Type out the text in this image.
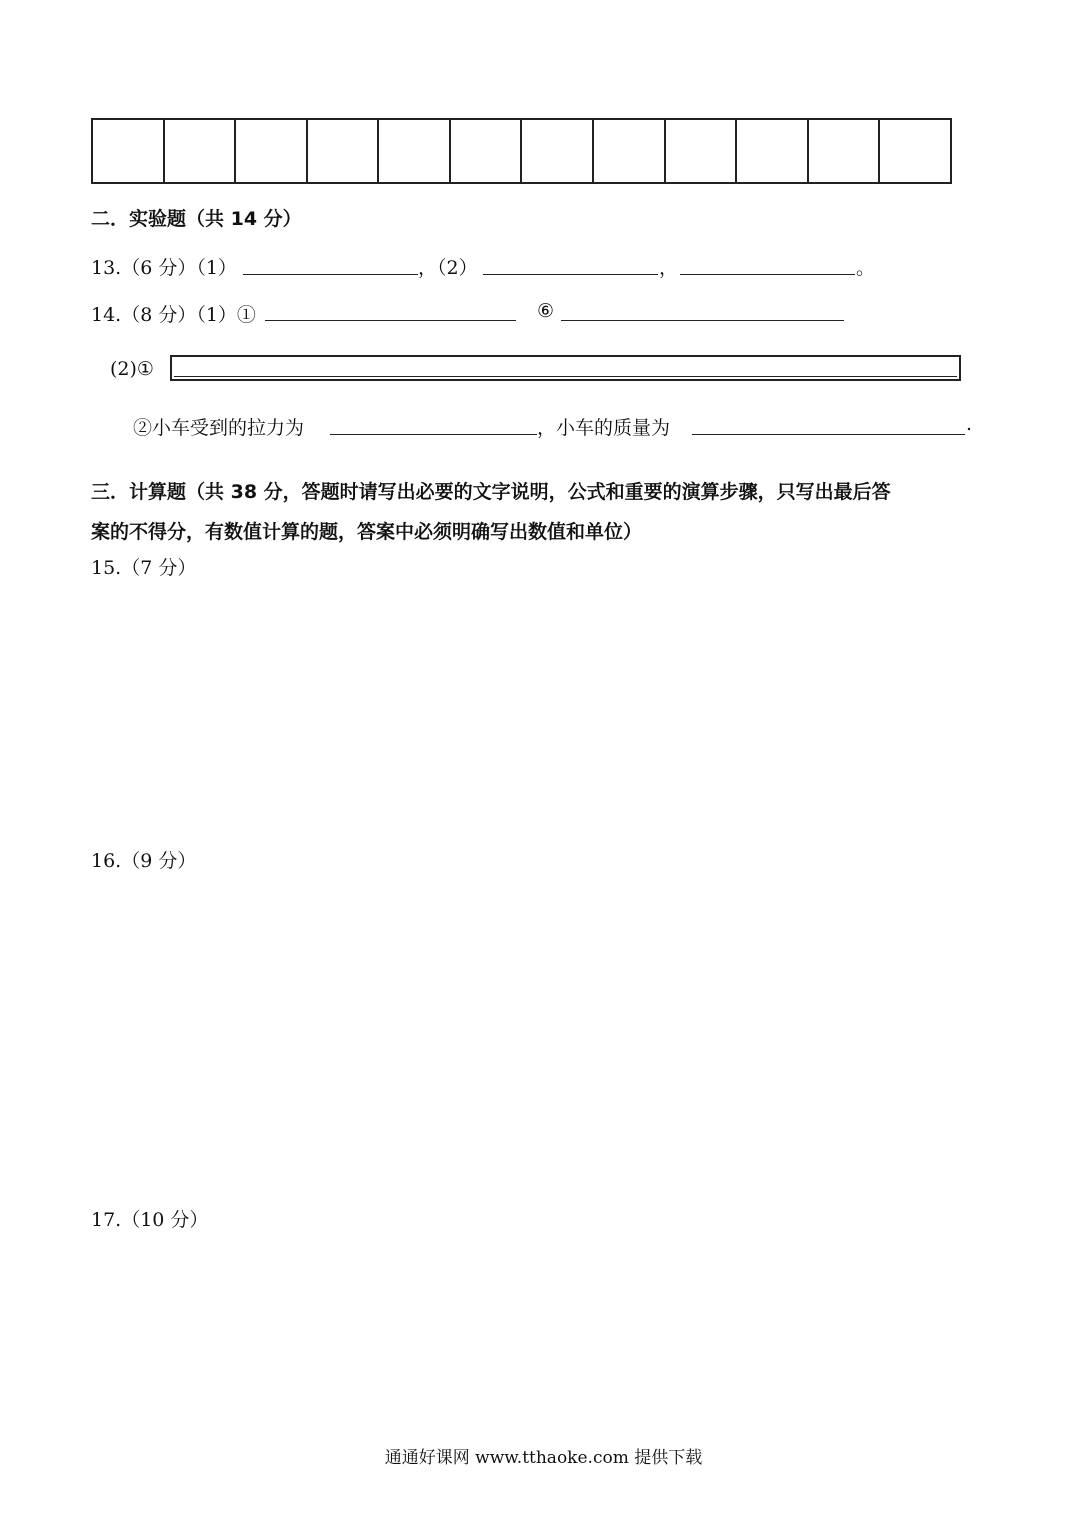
二．实验题（共 14 分）
13.（6 分）（1）	，（2）	，	。
14.（8 分）（1）①	⑥
(2)①
②小车受到的拉力为	，小车的质量为	.
三．计算题（共 38 分，答题时请写出必要的文字说明，公式和重要的演算步骤，只写出最后答
案的不得分，有数值计算的题，答案中必须明确写出数值和单位）
15.（7 分）
16.（9 分）
17.（10 分）
通通好课网 www.tthaoke.com 提供下载
